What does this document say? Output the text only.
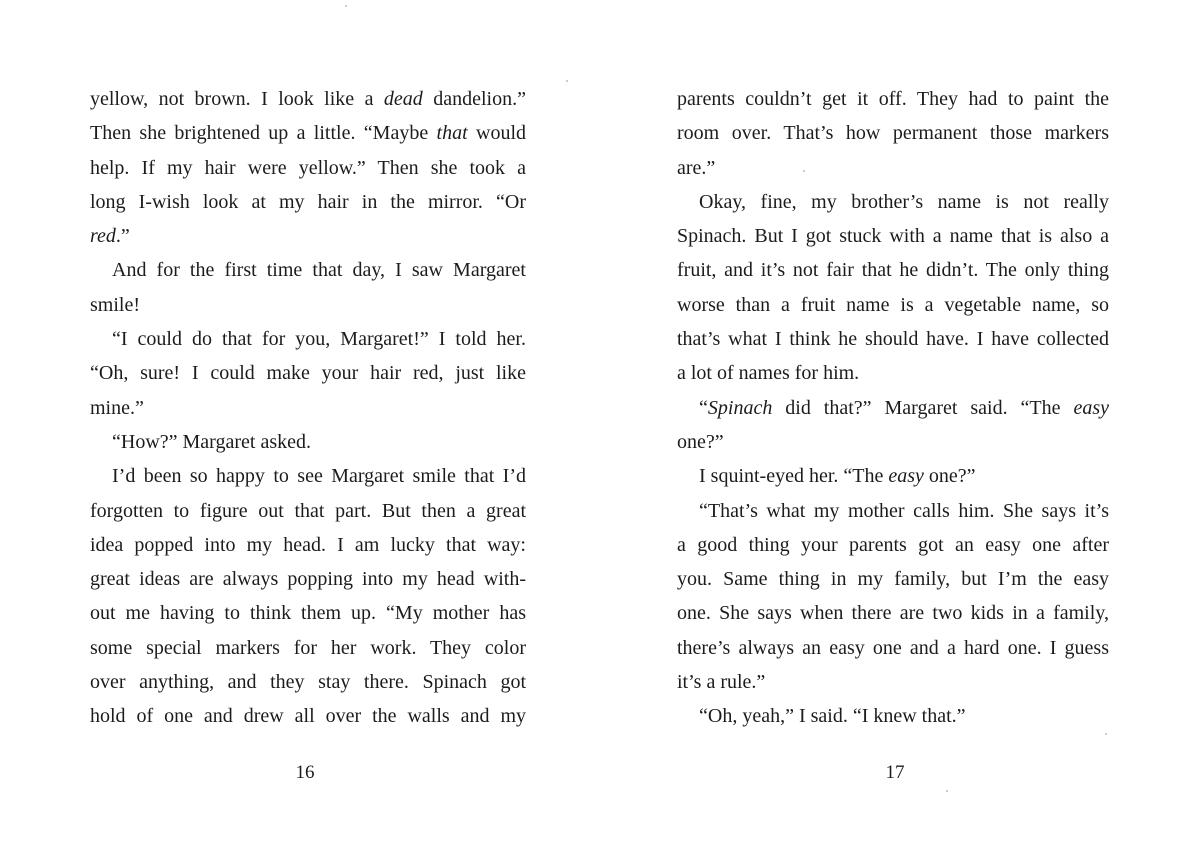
yellow, not brown. I look like a dead dandelion.”
Then she brightened up a little. “Maybe that would
help. If my hair were yellow.” Then she took a
long I-wish look at my hair in the mirror. “Or
red.”
And for the first time that day, I saw Margaret
smile!
“I could do that for you, Margaret!” I told her.
“Oh, sure! I could make your hair red, just like
mine.”
“How?” Margaret asked.
I’d been so happy to see Margaret smile that I’d
forgotten to figure out that part. But then a great
idea popped into my head. I am lucky that way:
great ideas are always popping into my head with-
out me having to think them up. “My mother has
some special markers for her work. They color
over anything, and they stay there. Spinach got
hold of one and drew all over the walls and my
parents couldn’t get it off. They had to paint the
room over. That’s how permanent those markers
are.”
Okay, fine, my brother’s name is not really
Spinach. But I got stuck with a name that is also a
fruit, and it’s not fair that he didn’t. The only thing
worse than a fruit name is a vegetable name, so
that’s what I think he should have. I have collected
a lot of names for him.
“Spinach did that?” Margaret said. “The easy
one?”
I squint-eyed her. “The easy one?”
“That’s what my mother calls him. She says it’s
a good thing your parents got an easy one after
you. Same thing in my family, but I’m the easy
one. She says when there are two kids in a family,
there’s always an easy one and a hard one. I guess
it’s a rule.”
“Oh, yeah,” I said. “I knew that.”
16	17
